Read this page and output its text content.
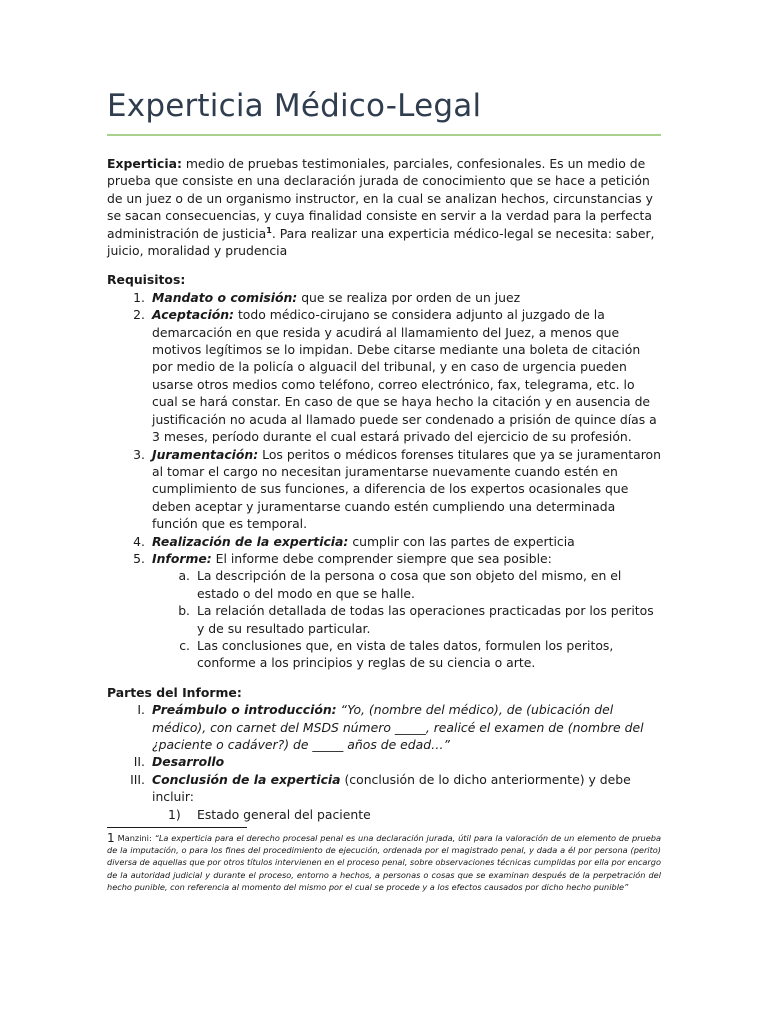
Experticia Médico-Legal

Experticia: medio de pruebas testimoniales, parciales, confesionales. Es un medio de prueba que consiste en una declaración jurada de conocimiento que se hace a petición de un juez o de un organismo instructor, en la cual se analizan hechos, circunstancias y se sacan consecuencias, y cuya finalidad consiste en servir a la verdad para la perfecta administración de justicia$^1$. Para realizar una experticia médico-legal se necesita: saber, juicio, moralidad y prudencia

Requisitos:

1. Mandato o comisión: que se realiza por orden de un juez
2. Aceptación: todo médico-cirujano se considera adjunto al juzgado de la demarcación en que resida y acudirá al llamamiento del Juez, a menos que motivos legítimos se lo impidan. Debe citarse mediante una boleta de citación por medio de la policía o alguacil del tribunal, y en caso de urgencia pueden usarse otros medios como teléfono, correo electrónico, fax, telegrama, etc. lo cual se hará constar. En caso de que se haya hecho la citación y en ausencia de justificación no acuda al llamado puede ser condenado a prisión de quince días a 3 meses, período durante el cual estará privado del ejercicio de su profesión.
3. Juramentación: Los peritos o médicos forenses titulares que ya se juramentaron al tomar el cargo no necesitan juramentarse nuevamente cuando estén en cumplimiento de sus funciones, a diferencia de los expertos ocasionales que deben aceptar y juramentarse cuando estén cumpliendo una determinada función que es temporal.
4. Realización de la experticia: cumplir con las partes de experticia
5. Informe: El informe debe comprender siempre que sea posible:
a. La descripción de la persona o cosa que son objeto del mismo, en el estado o del modo en que se halle.
b. La relación detallada de todas las operaciones practicadas por los peritos y de su resultado particular.
c. Las conclusiones que, en vista de tales datos, formulen los peritos, conforme a los principios y reglas de su ciencia o arte.

Partes del Informe:

I. Preámbulo o introducción: “Yo, (nombre del médico), de (ubicación del médico), con carnet del MSDS número _____, realicé el examen de (nombre del ¿paciente o cadáver?) de _____ años de edad…”
II. Desarrollo
III. Conclusión de la experticia (conclusión de lo dicho anteriormente) y debe incluir:
1)	Estado general del paciente

1 Manzini: “La experticia para el derecho procesal penal es una declaración jurada, útil para la valoración de un elemento de prueba de la imputación, o para los fines del procedimiento de ejecución, ordenada por el magistrado penal, y dada a él por persona (perito) diversa de aquellas que por otros títulos intervienen en el proceso penal, sobre observaciones técnicas cumplidas por ella por encargo de la autoridad judicial y durante el proceso, entorno a hechos, a personas o cosas que se examinan después de la perpetración del hecho punible, con referencia al momento del mismo por el cual se procede y a los efectos causados por dicho hecho punible”
